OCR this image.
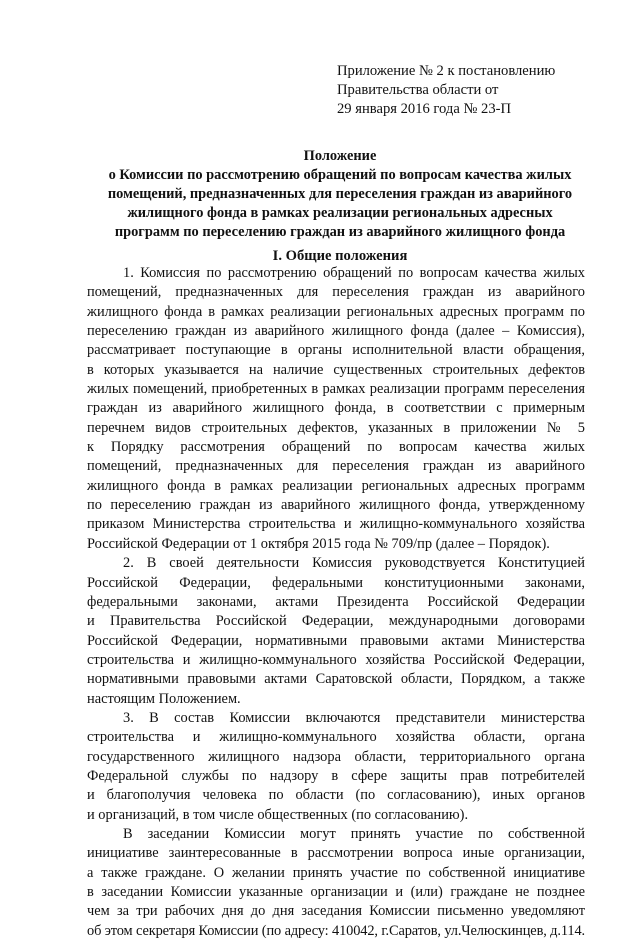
Приложение № 2 к постановлению
Правительства области от
29 января 2016 года № 23-П
Положение
о Комиссии по рассмотрению обращений по вопросам качества жилых
помещений, предназначенных для переселения граждан из аварийного
жилищного фонда в рамках реализации региональных адресных
программ по переселению граждан из аварийного жилищного фонда
I. Общие положения

1. Комиссия по рассмотрению обращений по вопросам качества жилых
помещений, предназначенных для переселения граждан из аварийного
жилищного фонда в рамках реализации региональных адресных программ по
переселению граждан из аварийного жилищного фонда (далее – Комиссия),
рассматривает поступающие в органы исполнительной власти обращения,
в которых указывается на наличие существенных строительных дефектов
жилых помещений, приобретенных в рамках реализации программ переселения
граждан из аварийного жилищного фонда, в соответствии с примерным
перечнем видов строительных дефектов, указанных в приложении № 5
к Порядку рассмотрения обращений по вопросам качества жилых
помещений, предназначенных для переселения граждан из аварийного
жилищного фонда в рамках реализации региональных адресных программ
по переселению граждан из аварийного жилищного фонда, утвержденному
приказом Министерства строительства и жилищно-коммунального хозяйства
Российской Федерации от 1 октября 2015 года № 709/пр (далее – Порядок).

2. В своей деятельности Комиссия руководствуется Конституцией
Российской Федерации, федеральными конституционными законами,
федеральными законами, актами Президента Российской Федерации
и Правительства Российской Федерации, международными договорами
Российской Федерации, нормативными правовыми актами Министерства
строительства и жилищно-коммунального хозяйства Российской Федерации,
нормативными правовыми актами Саратовской области, Порядком, а также
настоящим Положением.

3. В состав Комиссии включаются представители министерства
строительства и жилищно-коммунального хозяйства области, органа
государственного жилищного надзора области, территориального органа
Федеральной службы по надзору в сфере защиты прав потребителей
и благополучия человека по области (по согласованию), иных органов
и организаций, в том числе общественных (по согласованию).

В заседании Комиссии могут принять участие по собственной
инициативе заинтересованные в рассмотрении вопроса иные организации,
а также граждане. О желании принять участие по собственной инициативе
в заседании Комиссии указанные организации и (или) граждане не позднее
чем за три рабочих дня до дня заседания Комиссии письменно уведомляют
об этом секретаря Комиссии (по адресу: 410042, г.Саратов, ул.Челюскинцев, д.114.
